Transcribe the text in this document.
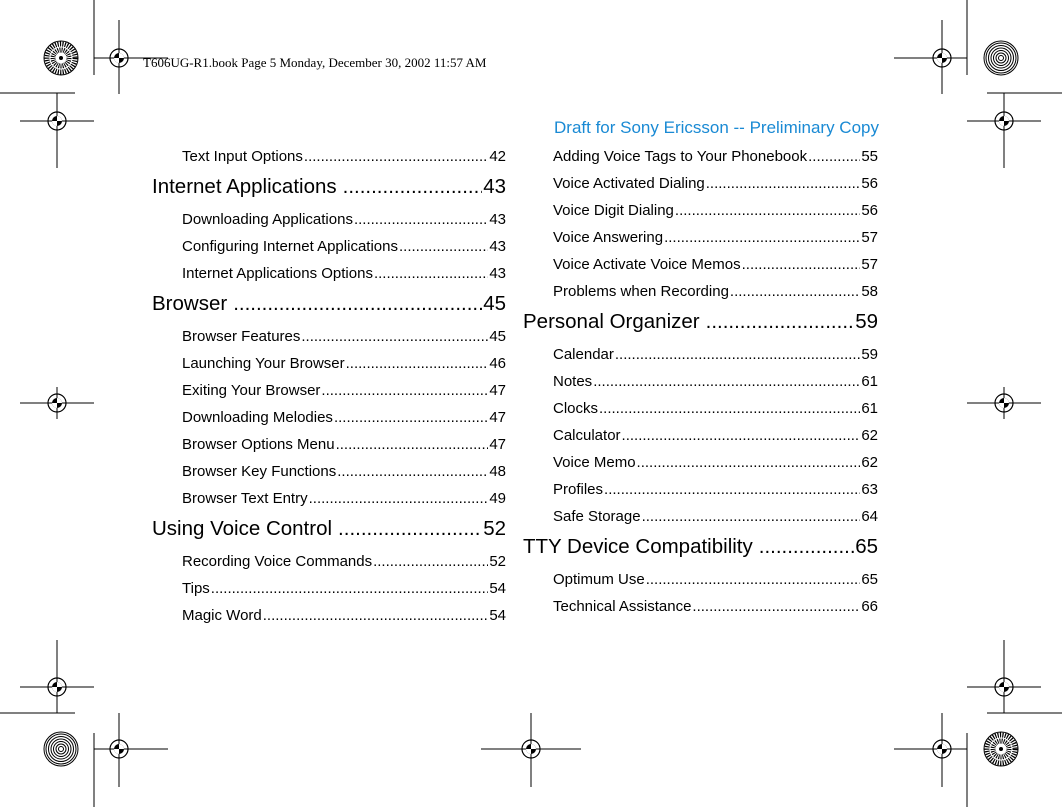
T606UG-R1.book Page 5 Monday, December 30, 2002 11:57 AM
Draft for Sony Ericsson -- Preliminary Copy
Text Input Options .....	42
Internet Applications .....	43
Downloading Applications .....	43
Configuring Internet Applications .....	43
Internet Applications Options .....	43
Browser .....	45
Browser Features .....	45
Launching Your Browser .....	46
Exiting Your Browser .....	47
Downloading Melodies .....	47
Browser Options Menu .....	47
Browser Key Functions .....	48
Browser Text Entry .....	49
Using Voice Control .....	52
Recording Voice Commands .....	52
Tips .....	54
Magic Word .....	54
Adding Voice Tags to Your Phonebook .....	55
Voice Activated Dialing .....	56
Voice Digit Dialing .....	56
Voice Answering .....	57
Voice Activate Voice Memos .....	57
Problems when Recording .....	58
Personal Organizer .....	59
Calendar .....	59
Notes .....	61
Clocks .....	61
Calculator .....	62
Voice Memo .....	62
Profiles .....	63
Safe Storage .....	64
TTY Device Compatibility .....	65
Optimum Use .....	65
Technical Assistance .....	66
